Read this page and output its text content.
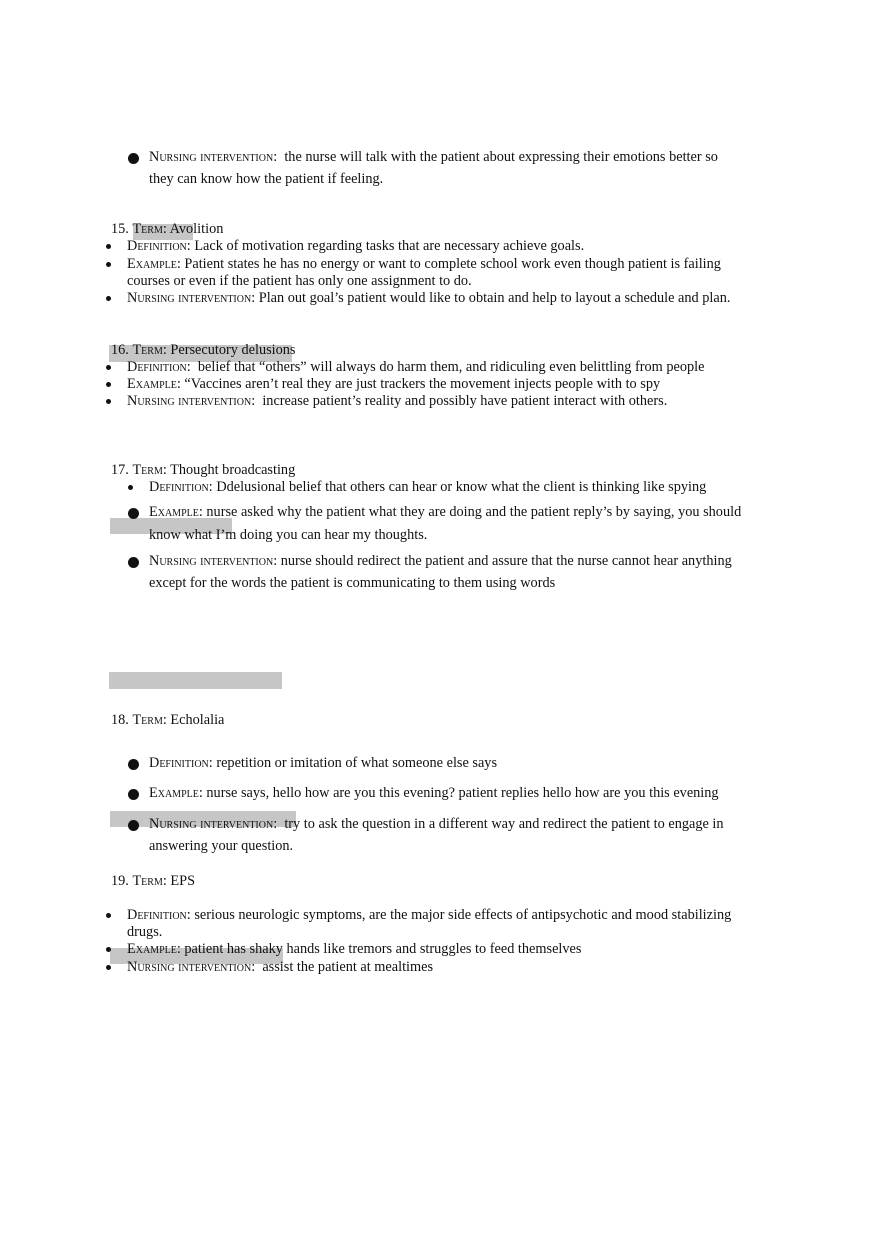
Nursing intervention:  the nurse will talk with the patient about expressing their emotions better so
they can know how the patient if feeling.
15. Term: Avolition
Definition: Lack of motivation regarding tasks that are necessary achieve goals.
Example: Patient states he has no energy or want to complete school work even though patient is failing
courses or even if the patient has only one assignment to do.
Nursing intervention: Plan out goal’s patient would like to obtain and help to layout a schedule and plan.
16. Term: Persecutory delusions
Definition:  belief that “others” will always do harm them, and ridiculing even belittling from people
Example: “Vaccines aren’t real they are just trackers the movement injects people with to spy
Nursing intervention:  increase patient’s reality and possibly have patient interact with others.
17. Term: Thought broadcasting
Definition: Ddelusional belief that others can hear or know what the client is thinking like spying
Example: nurse asked why the patient what they are doing and the patient reply’s by saying, you should
know what I’m doing you can hear my thoughts.
Nursing intervention: nurse should redirect the patient and assure that the nurse cannot hear anything
except for the words the patient is communicating to them using words
18. Term: Echolalia
Definition: repetition or imitation of what someone else says
Example: nurse says, hello how are you this evening? patient replies hello how are you this evening
Nursing intervention:  try to ask the question in a different way and redirect the patient to engage in
answering your question.
19. Term: EPS
Definition: serious neurologic symptoms, are the major side effects of antipsychotic and mood stabilizing
drugs.
Example: patient has shaky hands like tremors and struggles to feed themselves
Nursing intervention:  assist the patient at mealtimes
